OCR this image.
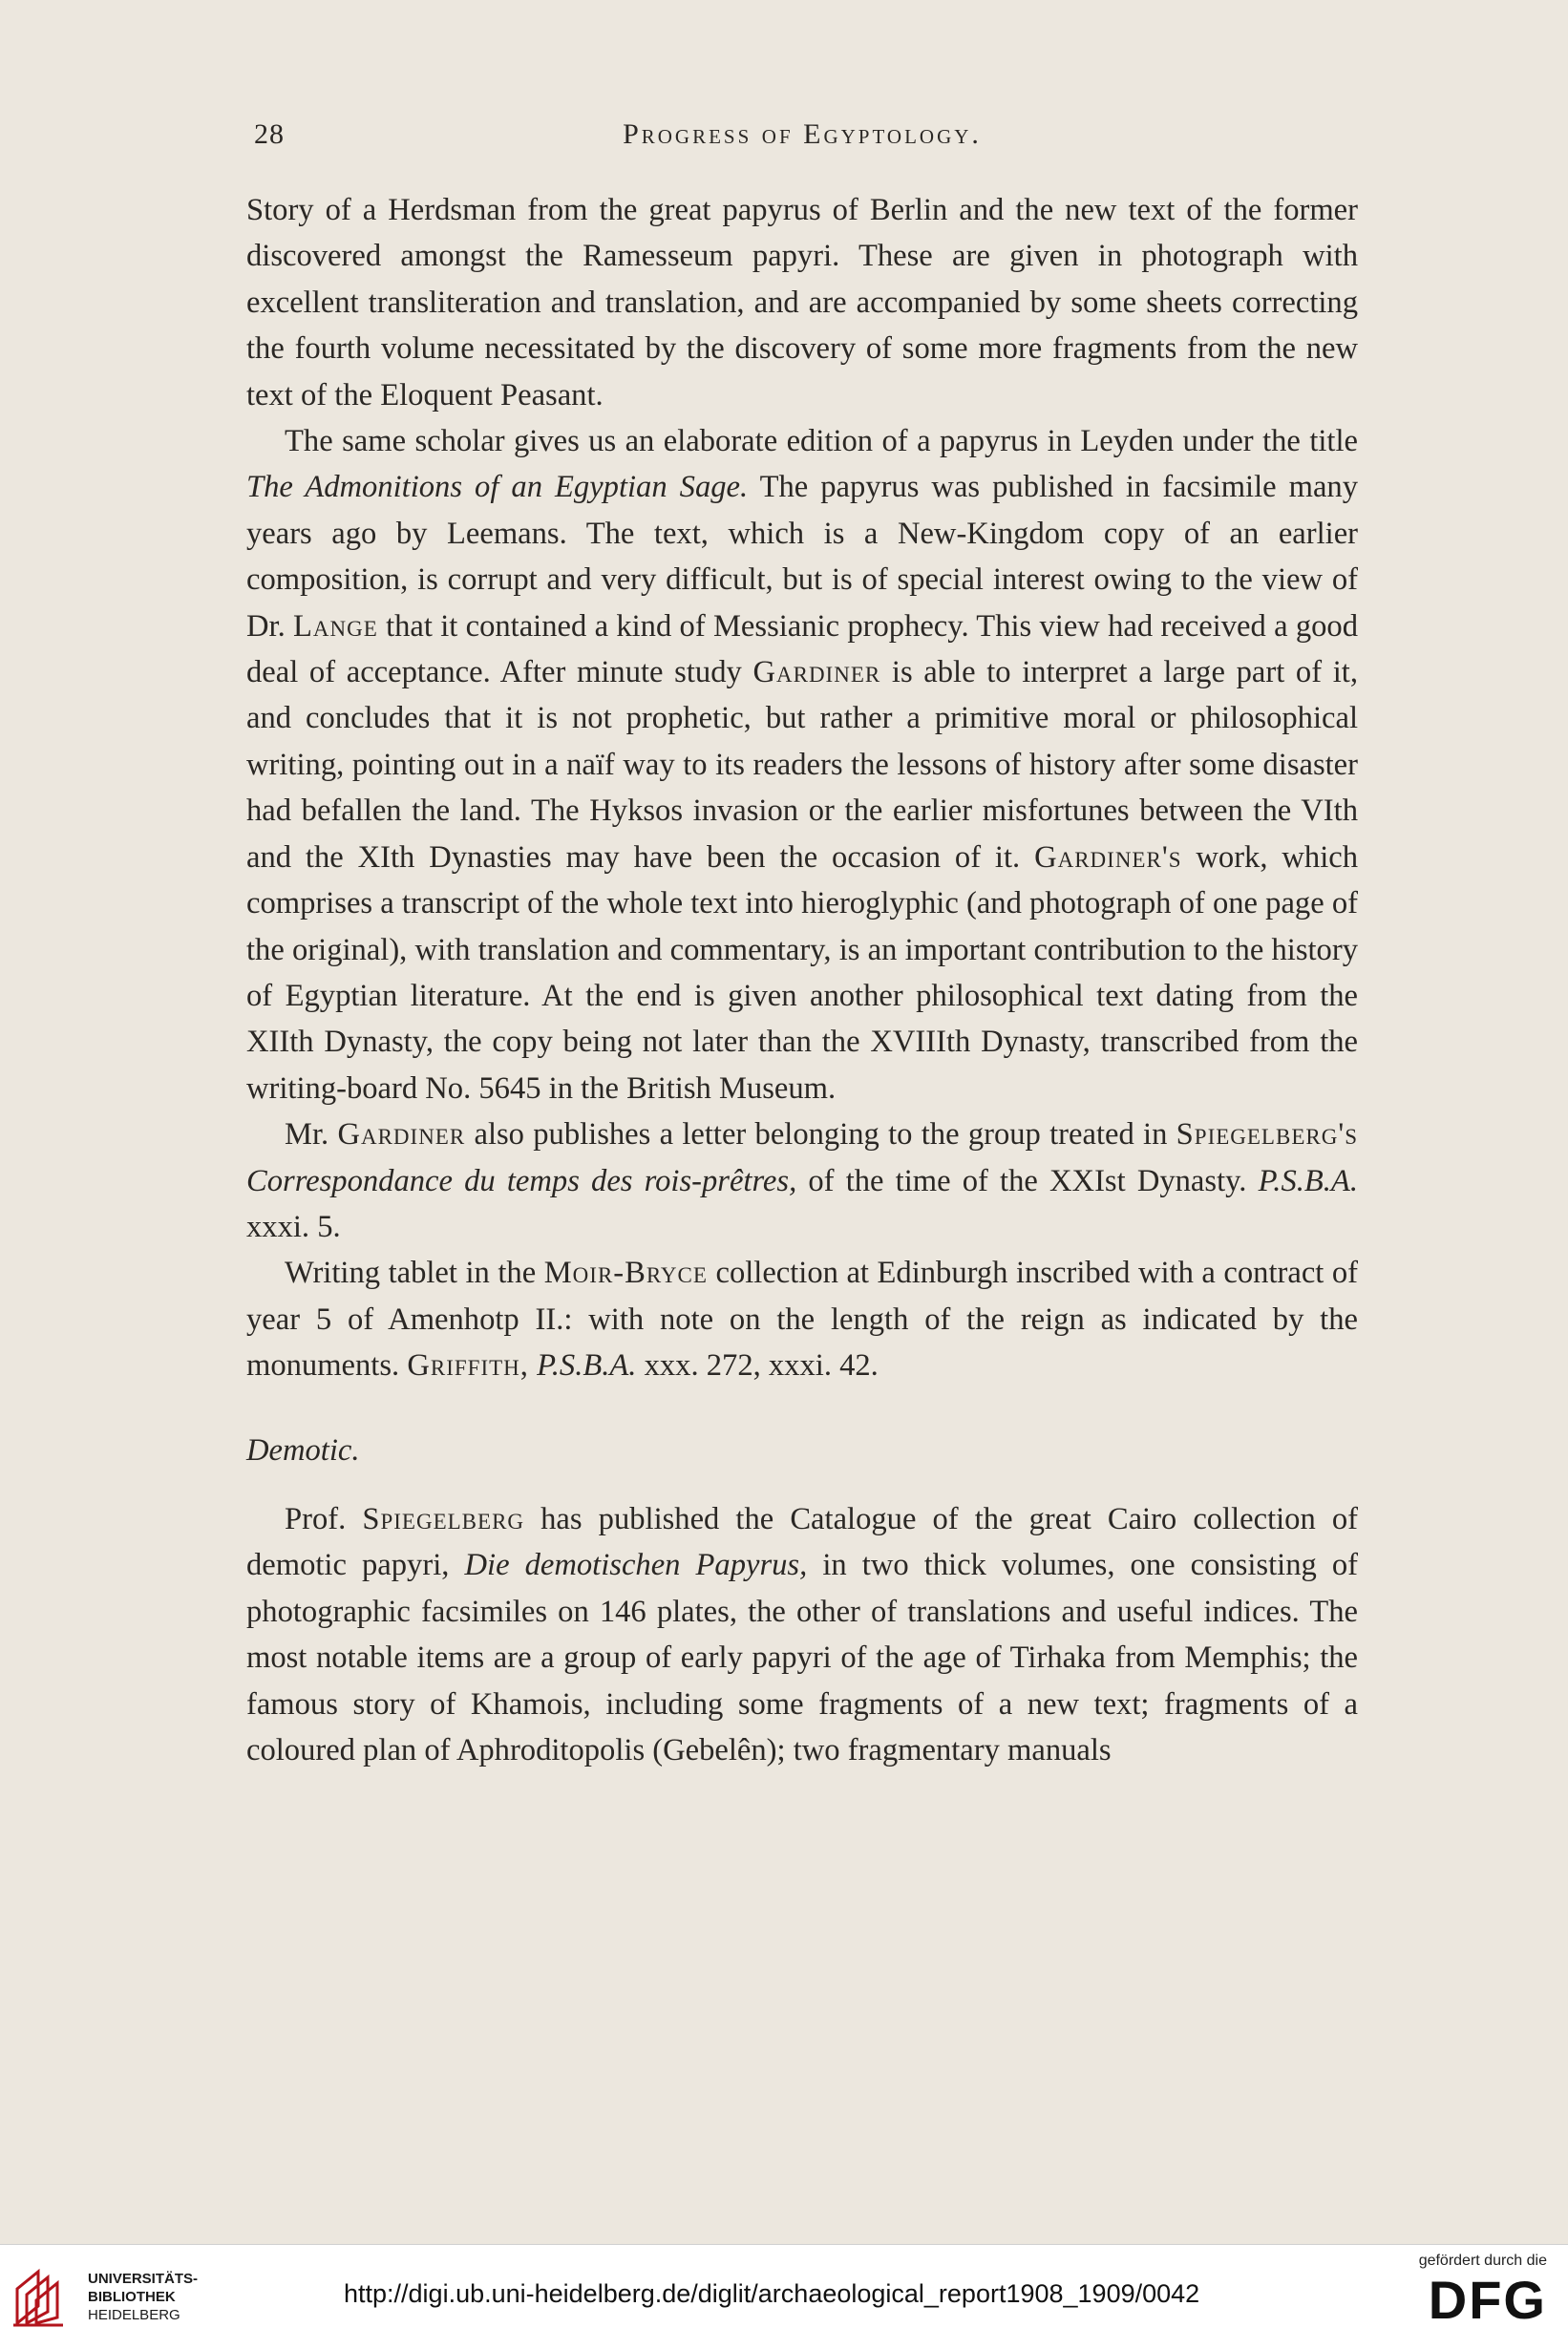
28	Progress of Egyptology.

Story of a Herdsman from the great papyrus of Berlin and the new text of the former discovered amongst the Ramesseum papyri. These are given in photograph with excellent transliteration and translation, and are accompanied by some sheets correcting the fourth volume necessitated by the discovery of some more fragments from the new text of the Eloquent Peasant.

The same scholar gives us an elaborate edition of a papyrus in Leyden under the title The Admonitions of an Egyptian Sage. The papyrus was published in facsimile many years ago by Leemans. The text, which is a New-Kingdom copy of an earlier composition, is corrupt and very difficult, but is of special interest owing to the view of Dr. Lange that it contained a kind of Messianic prophecy. This view had received a good deal of acceptance. After minute study Gardiner is able to interpret a large part of it, and concludes that it is not prophetic, but rather a primitive moral or philosophical writing, pointing out in a naïf way to its readers the lessons of history after some disaster had befallen the land. The Hyksos invasion or the earlier misfortunes between the VIth and the XIth Dynasties may have been the occasion of it. Gardiner's work, which comprises a transcript of the whole text into hieroglyphic (and photograph of one page of the original), with translation and commentary, is an important contribution to the history of Egyptian literature. At the end is given another philosophical text dating from the XIIth Dynasty, the copy being not later than the XVIIIth Dynasty, transcribed from the writing-board No. 5645 in the British Museum.

Mr. Gardiner also publishes a letter belonging to the group treated in Spiegelberg's Correspondance du temps des rois-prêtres, of the time of the XXIst Dynasty. P.S.B.A. xxxi. 5.

Writing tablet in the Moir-Bryce collection at Edinburgh inscribed with a contract of year 5 of Amenhotp II.: with note on the length of the reign as indicated by the monuments. Griffith, P.S.B.A. xxx. 272, xxxi. 42.

Demotic.

Prof. Spiegelberg has published the Catalogue of the great Cairo collection of demotic papyri, Die demotischen Papyrus, in two thick volumes, one consisting of photographic facsimiles on 146 plates, the other of translations and useful indices. The most notable items are a group of early papyri of the age of Tirhaka from Memphis; the famous story of Khamois, including some fragments of a new text; fragments of a coloured plan of Aphroditopolis (Gebelên); two fragmentary manuals

UNIVERSITÄTS-
BIBLIOTHEK
HEIDELBERG
http://digi.ub.uni-heidelberg.de/diglit/archaeological_report1908_1909/0042
gefördert durch die
DFG
